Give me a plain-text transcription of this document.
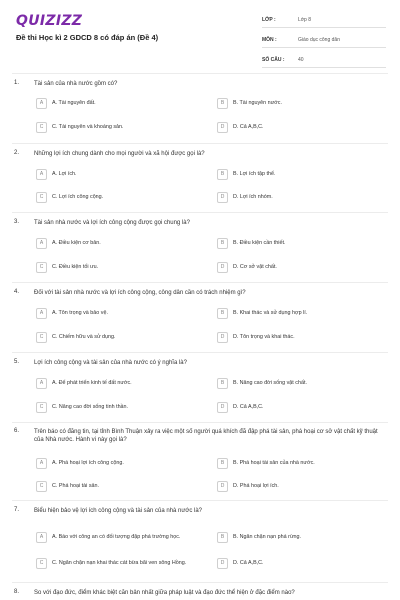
QUIZIZZ
Đề thi Học kì 2 GDCD 8 có đáp án (Đề 4)
LỚP :	Lớp 8
MÔN :	Giáo dục công dân
SỐ CÂU :	40
1.	Tài sản của nhà nước gồm có?
A	A. Tài nguyên đất.	B	B. Tài nguyên nước.
C	C. Tài nguyên và khoáng sản.	D	D. Cả A,B,C.
2.	Những lợi ích chung dành cho mọi người và xã hội được gọi là?
A	A. Lợi ích.	B	B. Lợi ích tập thể.
C	C. Lợi ích công cộng.	D	D. Lợi ích nhóm.
3.	Tài sản nhà nước và lợi ích công cộng được gọi chung là?
A	A. Điều kiện cơ bản.	B	B. Điều kiện cần thiết.
C	C. Điều kiện tối ưu.	D	D. Cơ sở vật chất.
4.	Đối với tài sản nhà nước và lợi ích công cộng, công dân cần có trách nhiệm gì?
A	A. Tôn trọng và bảo vệ.	B	B. Khai thác và sử dụng hợp lí.
C	C. Chiếm hữu và sử dụng.	D	D. Tôn trọng và khai thác.
5.	Lợi ích công cộng và tài sản của nhà nước có ý nghĩa là?
A	A. Để phát triển kinh tế đất nước.	B	B. Nâng cao đời sống vật chất.
C	C. Nâng cao đời sống tinh thần.	D	D. Cả A,B,C.
6.	Trên báo có đăng tin, tại tỉnh Bình Thuận xảy ra việc một số người quá khích đã đập phá tài sản, phá hoại cơ sở vật chất kỹ thuật của Nhà nước. Hành vi này gọi là?
A	A. Phá hoại lợi ích công cộng.	B	B. Phá hoại tài sản của nhà nước.
C	C. Phá hoại tài sản.	D	D. Phá hoại lợi ích.
7.	Biểu hiện bảo vệ lợi ích công cộng và tài sản của nhà nước là?
A	A. Báo với công an có đối tượng đập phá trường học.	B	B. Ngăn chặn nạn phá rừng.
C	C. Ngăn chặn nạn khai thác cát bừa bãi ven sông Hồng.	D	D. Cả A,B,C.
8.	So với đạo đức, điểm khác biệt căn bản nhất giữa pháp luật và đạo đức thể hiện ở đặc điểm nào?
